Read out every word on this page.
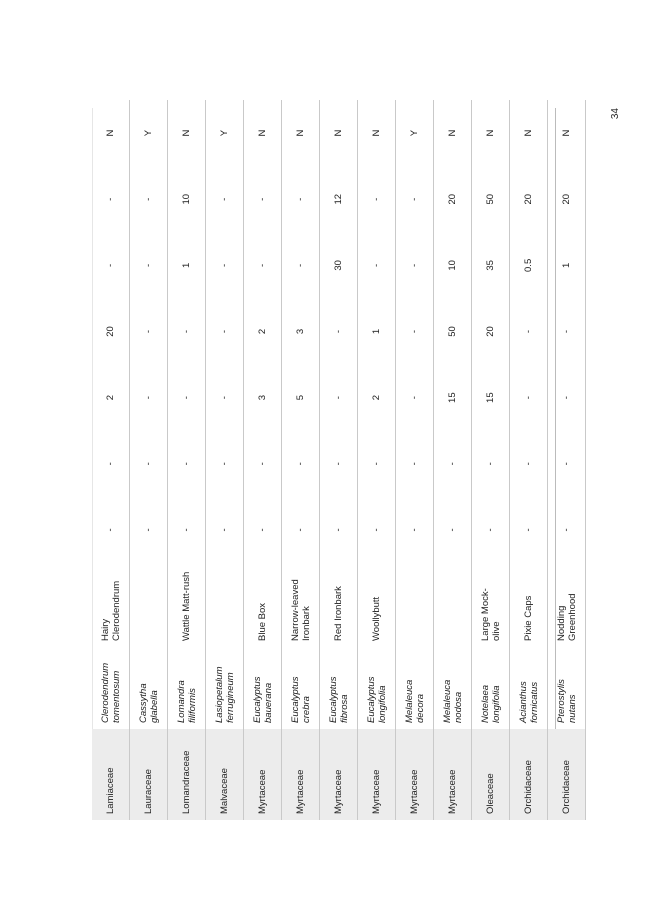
34
Lamiaceae	Clerodendrum tomentosum	Hairy Clerodendrum	-	-	2	20	-	-	N
Lauraceae	Cassytha glabella		-	-	-	-	-	-	Y
Lomandraceae	Lomandra filiformis	Wattle Matt-rush	-	-	-	-	1	10	N
Malvaceae	Lasiopetalum ferrugineum		-	-	-	-	-	-	Y
Myrtaceae	Eucalyptus bauerana	Blue Box	-	-	3	2	-	-	N
Myrtaceae	Eucalyptus crebra	Narrow-leaved Ironbark	-	-	5	3	-	-	N
Myrtaceae	Eucalyptus fibrosa	Red Ironbark	-	-	-	-	30	12	N
Myrtaceae	Eucalyptus longifolia	Woollybutt	-	-	2	1	-	-	N
Myrtaceae	Melaleuca decora		-	-	-	-	-	-	Y
Myrtaceae	Melaleuca nodosa		-	-	15	50	10	20	N
Oleaceae	Notelaea longifolia	Large Mock-olive	-	-	15	20	35	50	N
Orchidaceae	Acianthus fornicatus	Pixie Caps	-	-	-	-	0.5	20	N
Orchidaceae	Pterostylis nutans	Nodding Greenhood	-	-	-	-	1	20	N
